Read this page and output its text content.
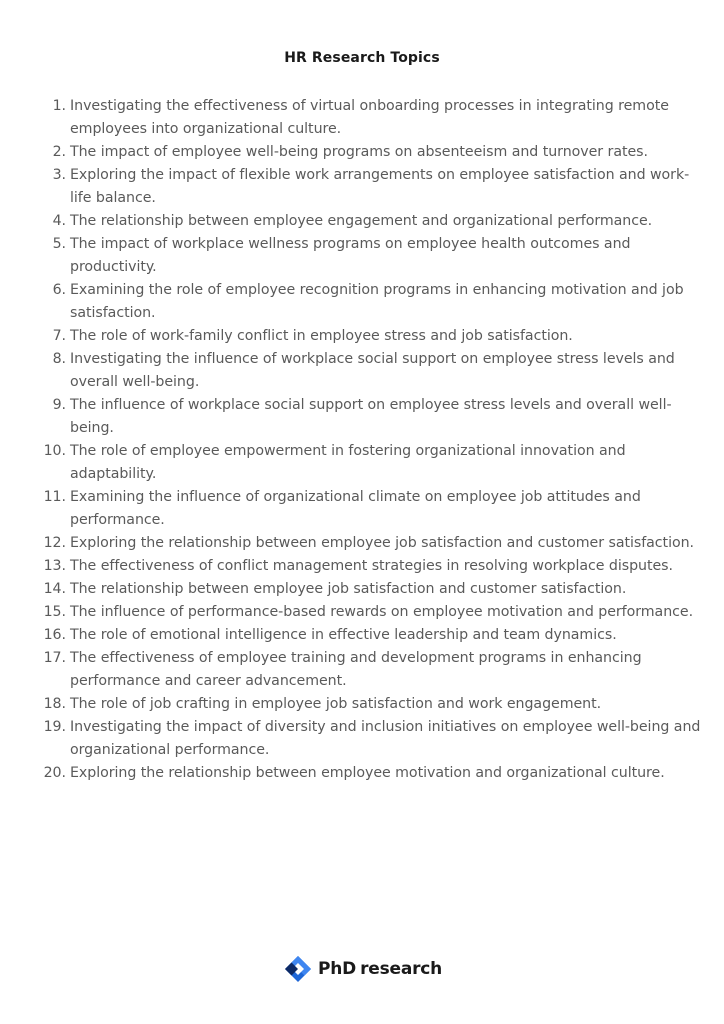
HR Research Topics
1. Investigating the effectiveness of virtual onboarding processes in integrating remote employees into organizational culture.
2. The impact of employee well-being programs on absenteeism and turnover rates.
3. Exploring the impact of flexible work arrangements on employee satisfaction and work-life balance.
4. The relationship between employee engagement and organizational performance.
5. The impact of workplace wellness programs on employee health outcomes and productivity.
6. Examining the role of employee recognition programs in enhancing motivation and job satisfaction.
7. The role of work-family conflict in employee stress and job satisfaction.
8. Investigating the influence of workplace social support on employee stress levels and overall well-being.
9. The influence of workplace social support on employee stress levels and overall well-being.
10. The role of employee empowerment in fostering organizational innovation and adaptability.
11. Examining the influence of organizational climate on employee job attitudes and performance.
12. Exploring the relationship between employee job satisfaction and customer satisfaction.
13. The effectiveness of conflict management strategies in resolving workplace disputes.
14. The relationship between employee job satisfaction and customer satisfaction.
15. The influence of performance-based rewards on employee motivation and performance.
16. The role of emotional intelligence in effective leadership and team dynamics.
17. The effectiveness of employee training and development programs in enhancing performance and career advancement.
18. The role of job crafting in employee job satisfaction and work engagement.
19. Investigating the impact of diversity and inclusion initiatives on employee well-being and organizational performance.
20. Exploring the relationship between employee motivation and organizational culture.
PhD research
